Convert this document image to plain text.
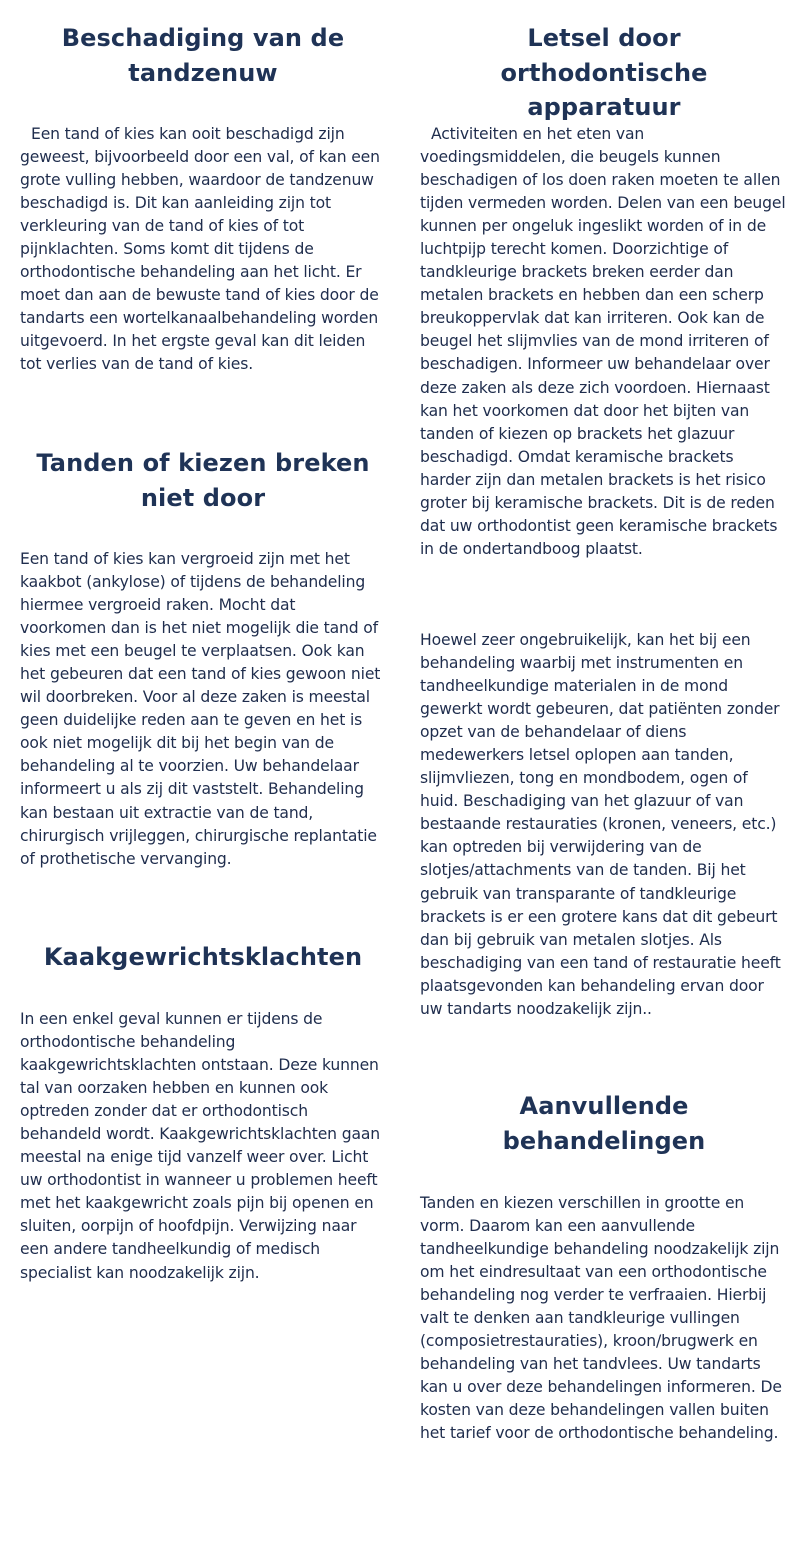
Beschadiging van de
tandzenuw

Een tand of kies kan ooit beschadigd zijn geweest, bijvoorbeeld door een val, of kan een grote vulling hebben, waardoor de tandzenuw beschadigd is. Dit kan aanleiding zijn tot verkleuring van de tand of kies of tot pijnklachten. Soms komt dit tijdens de orthodontische behandeling aan het licht. Er moet dan aan de bewuste tand of kies door de tandarts een wortelkanaalbehandeling worden uitgevoerd. In het ergste geval kan dit leiden tot verlies van de tand of kies.

Tanden of kiezen breken
niet door

Een tand of kies kan vergroeid zijn met het kaakbot (ankylose) of tijdens de behandeling hiermee vergroeid raken. Mocht dat voorkomen dan is het niet mogelijk die tand of kies met een beugel te verplaatsen. Ook kan het gebeuren dat een tand of kies gewoon niet wil doorbreken. Voor al deze zaken is meestal geen duidelijke reden aan te geven en het is ook niet mogelijk dit bij het begin van de behandeling al te voorzien. Uw behandelaar informeert u als zij dit vaststelt. Behandeling kan bestaan uit extractie van de tand, chirurgisch vrijleggen, chirurgische replantatie of prothetische vervanging.

Kaakgewrichtsklachten

In een enkel geval kunnen er tijdens de orthodontische behandeling kaakgewrichtsklachten ontstaan. Deze kunnen tal van oorzaken hebben en kunnen ook optreden zonder dat er orthodontisch behandeld wordt. Kaakgewrichtsklachten gaan meestal na enige tijd vanzelf weer over. Licht uw orthodontist in wanneer u problemen heeft met het kaakgewricht zoals pijn bij openen en sluiten, oorpijn of hoofdpijn. Verwijzing naar een andere tandheelkundig of medisch specialist kan noodzakelijk zijn.

Letsel door orthodontische
apparatuur

Activiteiten en het eten van voedingsmiddelen, die beugels kunnen beschadigen of los doen raken moeten te allen tijden vermeden worden. Delen van een beugel kunnen per ongeluk ingeslikt worden of in de luchtpijp terecht komen. Doorzichtige of tandkleurige brackets breken eerder dan metalen brackets en hebben dan een scherp breukoppervlak dat kan irriteren. Ook kan de beugel het slijmvlies van de mond irriteren of beschadigen. Informeer uw behandelaar over deze zaken als deze zich voordoen. Hiernaast kan het voorkomen dat door het bijten van tanden of kiezen op brackets het glazuur beschadigd. Omdat keramische brackets harder zijn dan metalen brackets is het risico groter bij keramische brackets. Dit is de reden dat uw orthodontist geen keramische brackets in de ondertandboog plaatst.

Hoewel zeer ongebruikelijk, kan het bij een behandeling waarbij met instrumenten en tandheelkundige materialen in de mond gewerkt wordt gebeuren, dat patiënten zonder opzet van de behandelaar of diens medewerkers letsel oplopen aan tanden, slijmvliezen, tong en mondbodem, ogen of huid. Beschadiging van het glazuur of van bestaande restauraties (kronen, veneers, etc.) kan optreden bij verwijdering van de slotjes/attachments van de tanden. Bij het gebruik van transparante of tandkleurige brackets is er een grotere kans dat dit gebeurt dan bij gebruik van metalen slotjes. Als beschadiging van een tand of restauratie heeft plaatsgevonden kan behandeling ervan door uw tandarts noodzakelijk zijn..

Aanvullende
behandelingen

Tanden en kiezen verschillen in grootte en vorm. Daarom kan een aanvullende tandheelkundige behandeling noodzakelijk zijn om het eindresultaat van een orthodontische behandeling nog verder te verfraaien. Hierbij valt te denken aan tandkleurige vullingen (composietrestauraties), kroon/brugwerk en behandeling van het tandvlees. Uw tandarts kan u over deze behandelingen informeren. De kosten van deze behandelingen vallen buiten het tarief voor de orthodontische behandeling.
